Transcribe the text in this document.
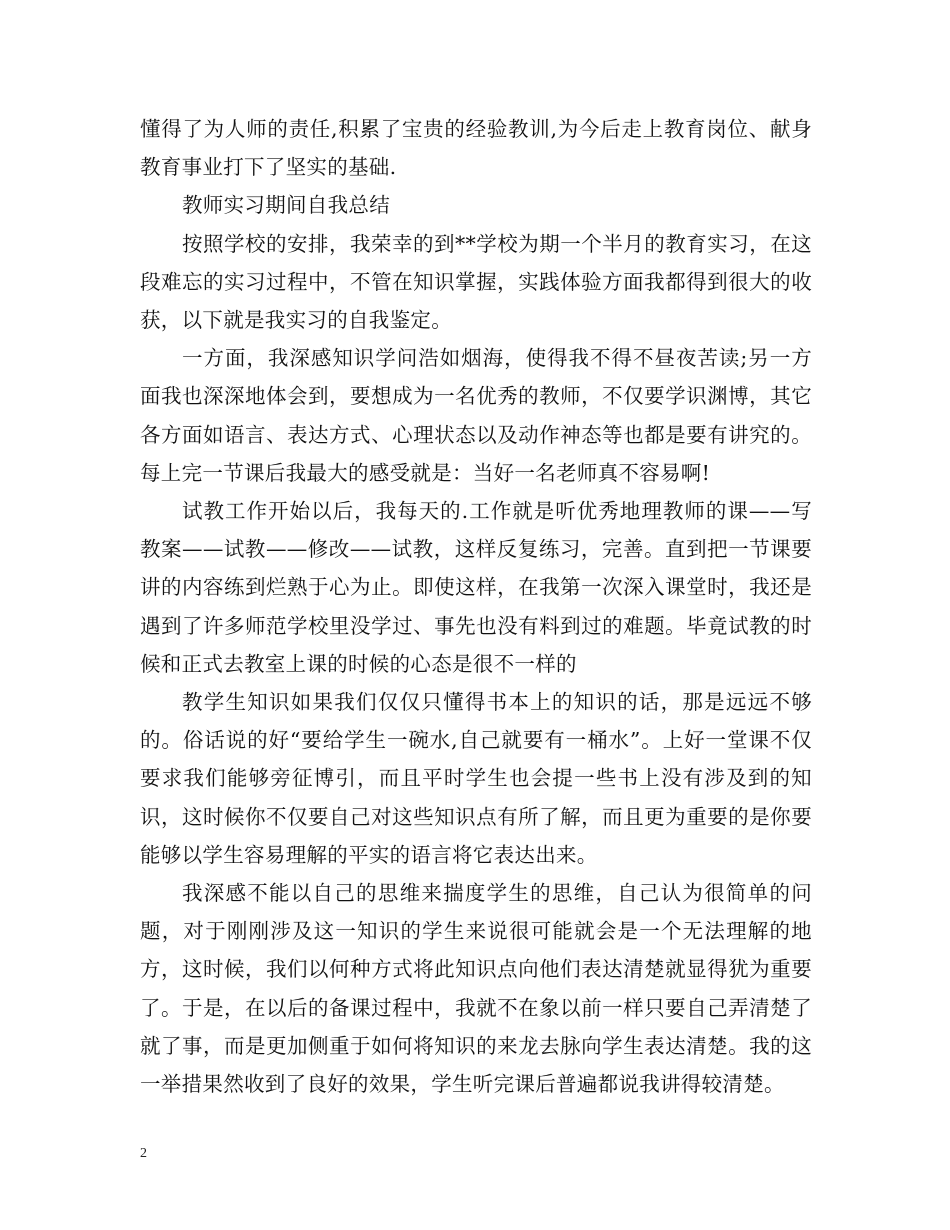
懂得了为人师的责任,积累了宝贵的经验教训,为今后走上教育岗位、献身教育事业打下了坚实的基础.

教师实习期间自我总结

按照学校的安排，我荣幸的到**学校为期一个半月的教育实习，在这段难忘的实习过程中，不管在知识掌握，实践体验方面我都得到很大的收获，以下就是我实习的自我鉴定。

一方面，我深感知识学问浩如烟海，使得我不得不昼夜苦读;另一方面我也深深地体会到，要想成为一名优秀的教师，不仅要学识渊博，其它各方面如语言、表达方式、心理状态以及动作神态等也都是要有讲究的。每上完一节课后我最大的感受就是：当好一名老师真不容易啊!

试教工作开始以后，我每天的.工作就是听优秀地理教师的课——写教案——试教——修改——试教，这样反复练习，完善。直到把一节课要讲的内容练到烂熟于心为止。即使这样，在我第一次深入课堂时，我还是遇到了许多师范学校里没学过、事先也没有料到过的难题。毕竟试教的时候和正式去教室上课的时候的心态是很不一样的

教学生知识如果我们仅仅只懂得书本上的知识的话，那是远远不够的。俗话说的好“要给学生一碗水,自己就要有一桶水”。上好一堂课不仅要求我们能够旁征博引，而且平时学生也会提一些书上没有涉及到的知识，这时候你不仅要自己对这些知识点有所了解，而且更为重要的是你要能够以学生容易理解的平实的语言将它表达出来。

我深感不能以自己的思维来揣度学生的思维，自己认为很简单的问题，对于刚刚涉及这一知识的学生来说很可能就会是一个无法理解的地方，这时候，我们以何种方式将此知识点向他们表达清楚就显得犹为重要了。于是，在以后的备课过程中，我就不在象以前一样只要自己弄清楚了就了事，而是更加侧重于如何将知识的来龙去脉向学生表达清楚。我的这一举措果然收到了良好的效果，学生听完课后普遍都说我讲得较清楚。

2
